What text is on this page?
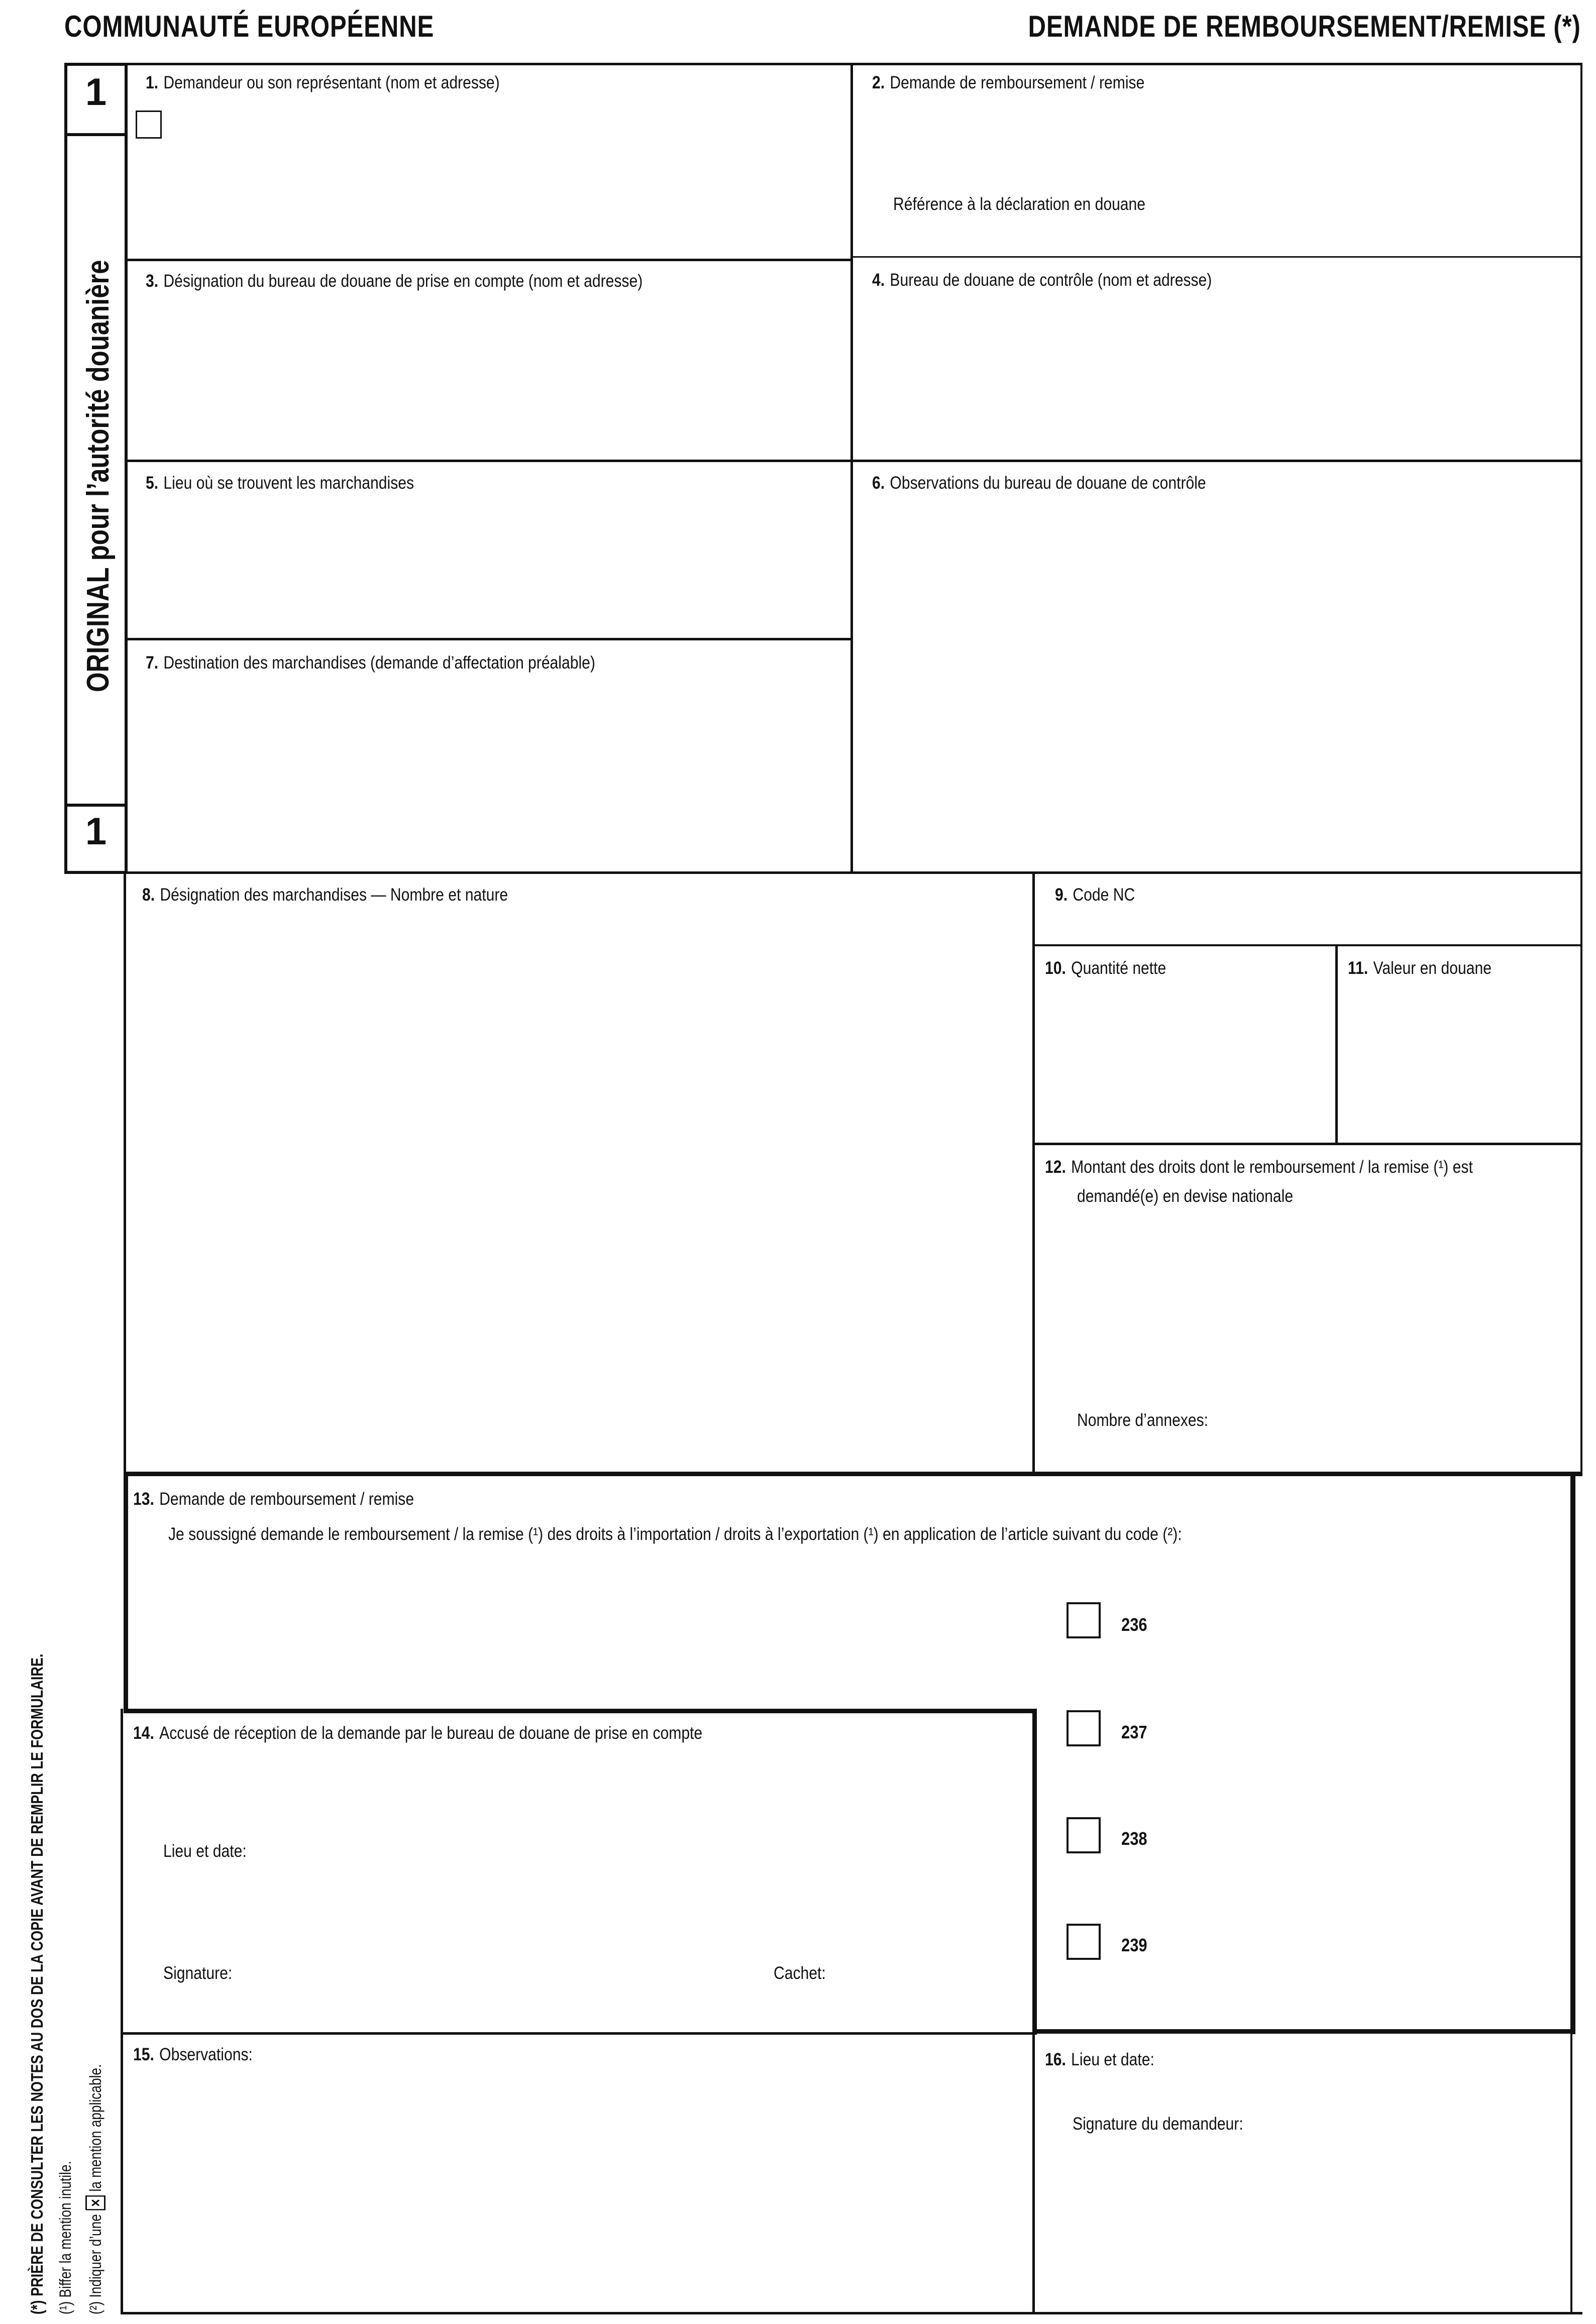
COMMUNAUTÉ EUROPÉENNE	DEMANDE DE REMBOURSEMENT/REMISE (*)
1
1
ORIGINAL pour l’autorité douanière
1. Demandeur ou son représentant (nom et adresse)	2. Demande de remboursement / remise
Référence à la déclaration en douane
3. Désignation du bureau de douane de prise en compte (nom et adresse)	4. Bureau de douane de contrôle (nom et adresse)
5. Lieu où se trouvent les marchandises	6. Observations du bureau de douane de contrôle
7. Destination des marchandises (demande d’affectation préalable)
8. Désignation des marchandises — Nombre et nature	9. Code NC
10. Quantité nette	11. Valeur en douane
12. Montant des droits dont le remboursement / la remise (¹) est
demandé(e) en devise nationale
Nombre d’annexes:
13. Demande de remboursement / remise
Je soussigné demande le remboursement / la remise (¹) des droits à l’importation / droits à l’exportation (¹) en application de l’article suivant du code (²):
236
237
238
239
14. Accusé de réception de la demande par le bureau de douane de prise en compte
Lieu et date:
Signature:	Cachet:
15. Observations:	16. Lieu et date:
Signature du demandeur:
(*) PRIÈRE DE CONSULTER LES NOTES AU DOS DE LA COPIE AVANT DE REMPLIR LE FORMULAIRE. (¹) Biffer la mention inutile. (²) Indiquer d’une × la mention applicable.
